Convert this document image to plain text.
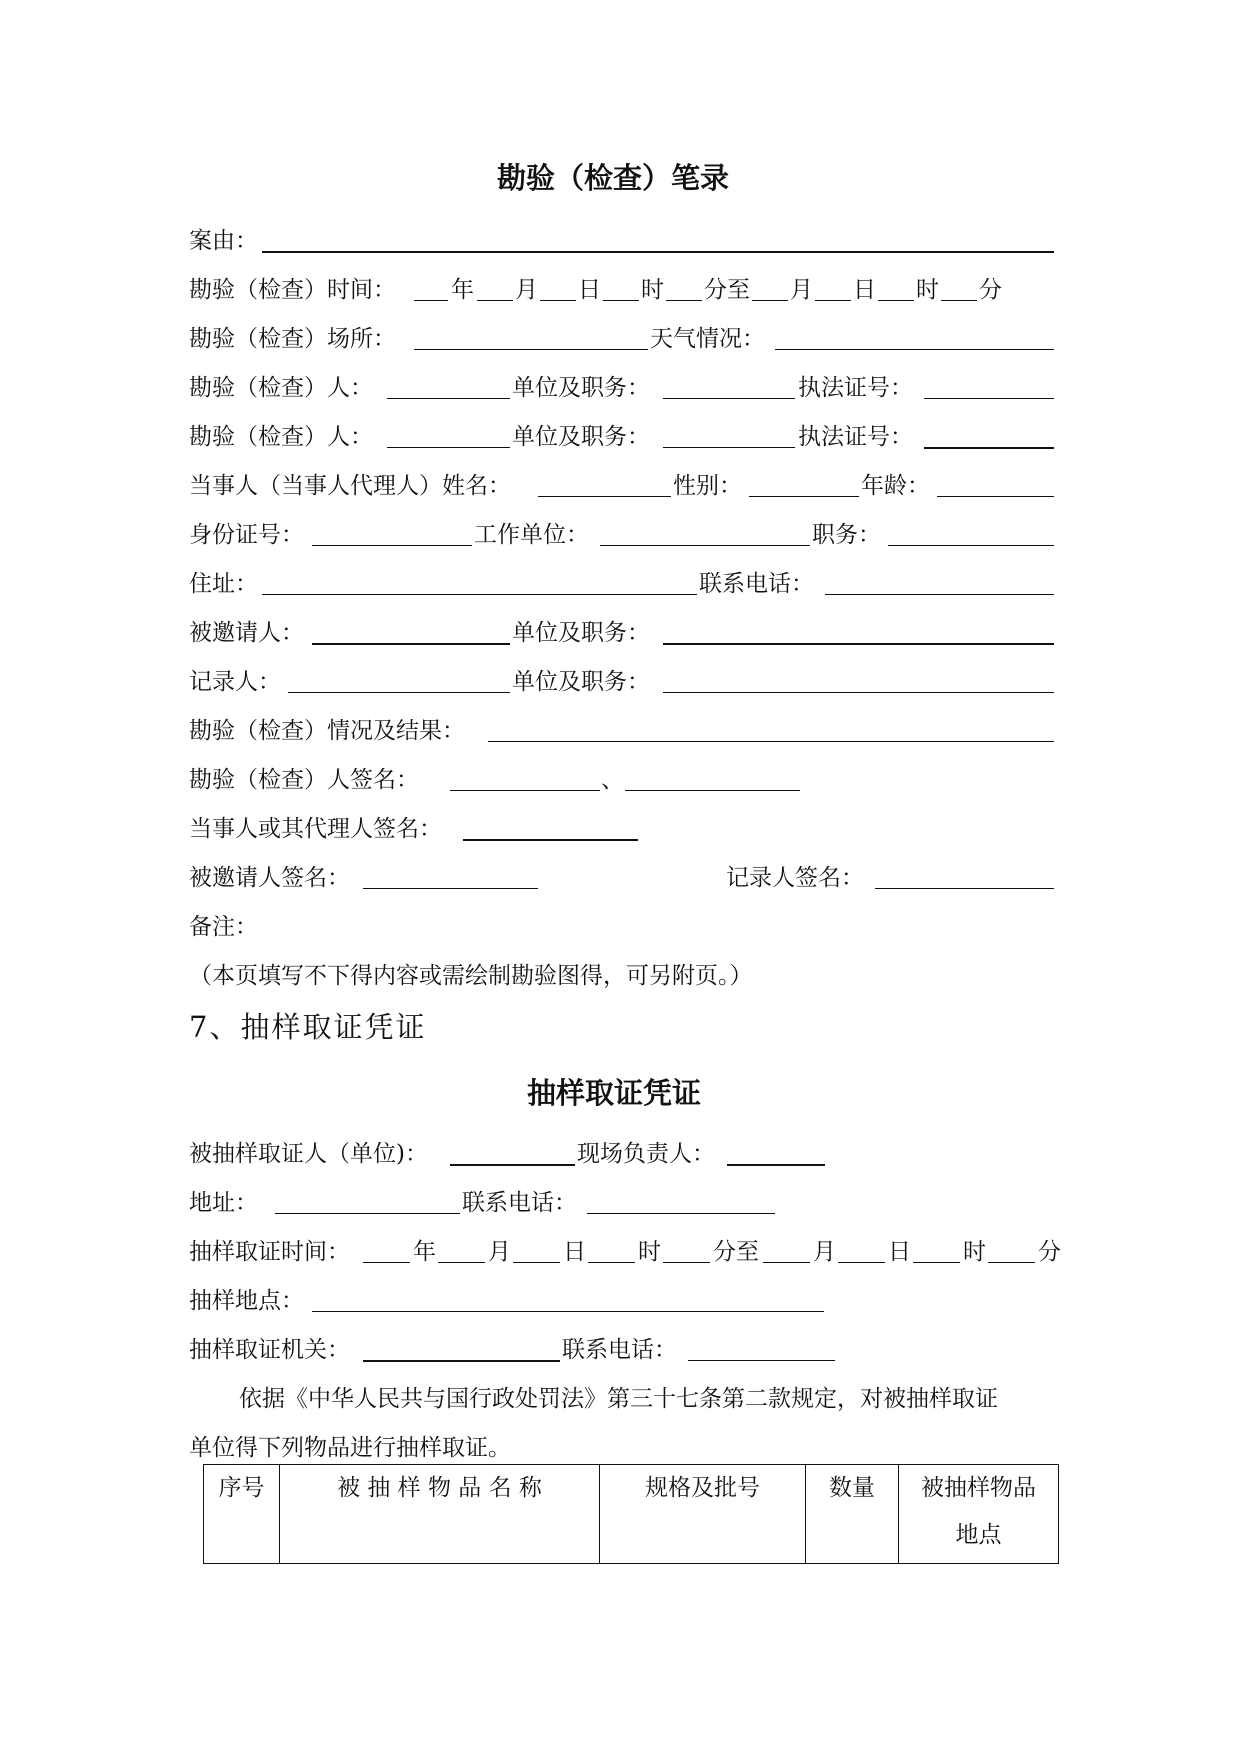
勘验（检查）笔录
案由：
勘验（检查）时间： 年 月 日 时 分至 月 日 时 分
勘验（检查）场所：	天气情况：
勘验（检查）人：	单位及职务：	执法证号：
勘验（检查）人：	单位及职务：	执法证号：
当事人（当事人代理人）姓名：	性别：	年龄：
身份证号：	工作单位：	职务：
住址：	联系电话：
被邀请人：	单位及职务：
记录人：	单位及职务：
勘验（检查）情况及结果：
勘验（检查）人签名：	、
当事人或其代理人签名：
被邀请人签名：	记录人签名：
备注：
（本页填写不下得内容或需绘制勘验图得，可另附页。）
7、抽样取证凭证
抽样取证凭证
被抽样取证人（单位)：	现场负责人：
地址：	联系电话：
抽样取证时间：	年 月 日 时 分至 月 日 时 分
抽样地点：
抽样取证机关：	联系电话：
依据《中华人民共与国行政处罚法》第三十七条第二款规定，对被抽样取证
单位得下列物品进行抽样取证。
序号	被 抽 样 物 品 名 称	规格及批号	数量	被抽样物品
地点
